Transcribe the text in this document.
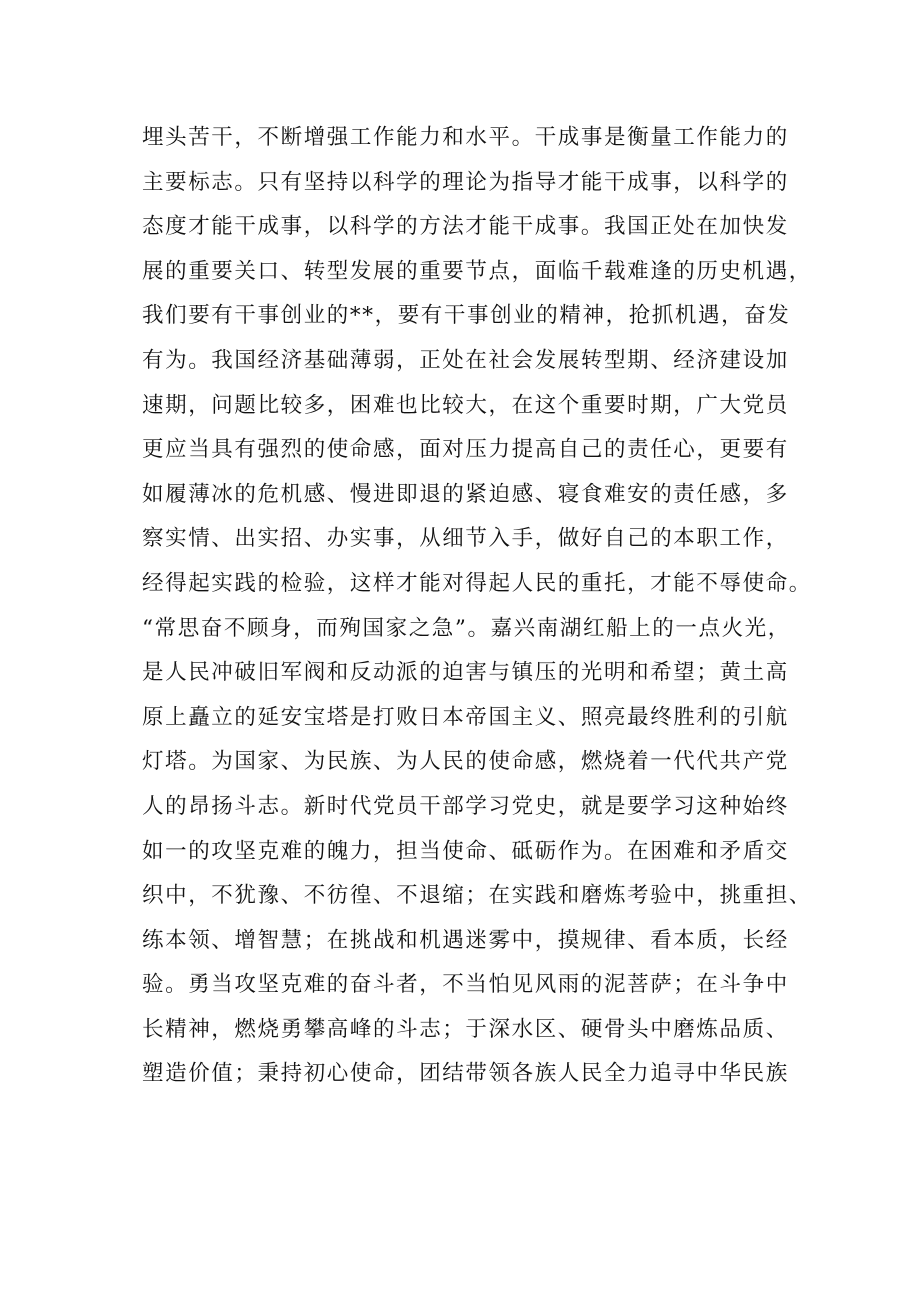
埋头苦干，不断增强工作能力和水平。干成事是衡量工作能力的
主要标志。只有坚持以科学的理论为指导才能干成事，以科学的
态度才能干成事，以科学的方法才能干成事。我国正处在加快发
展的重要关口、转型发展的重要节点，面临千载难逢的历史机遇，
我们要有干事创业的**，要有干事创业的精神，抢抓机遇，奋发
有为。我国经济基础薄弱，正处在社会发展转型期、经济建设加
速期，问题比较多，困难也比较大，在这个重要时期，广大党员
更应当具有强烈的使命感，面对压力提高自己的责任心，更要有
如履薄冰的危机感、慢进即退的紧迫感、寝食难安的责任感，多
察实情、出实招、办实事，从细节入手，做好自己的本职工作，
经得起实践的检验，这样才能对得起人民的重托，才能不辱使命。
“常思奋不顾身，而殉国家之急”。嘉兴南湖红船上的一点火光，
是人民冲破旧军阀和反动派的迫害与镇压的光明和希望；黄土高
原上矗立的延安宝塔是打败日本帝国主义、照亮最终胜利的引航
灯塔。为国家、为民族、为人民的使命感，燃烧着一代代共产党
人的昂扬斗志。新时代党员干部学习党史，就是要学习这种始终
如一的攻坚克难的魄力，担当使命、砥砺作为。在困难和矛盾交
织中，不犹豫、不彷徨、不退缩；在实践和磨炼考验中，挑重担、
练本领、增智慧；在挑战和机遇迷雾中，摸规律、看本质，长经
验。勇当攻坚克难的奋斗者，不当怕见风雨的泥菩萨；在斗争中
长精神，燃烧勇攀高峰的斗志；于深水区、硬骨头中磨炼品质、
塑造价值；秉持初心使命，团结带领各族人民全力追寻中华民族
